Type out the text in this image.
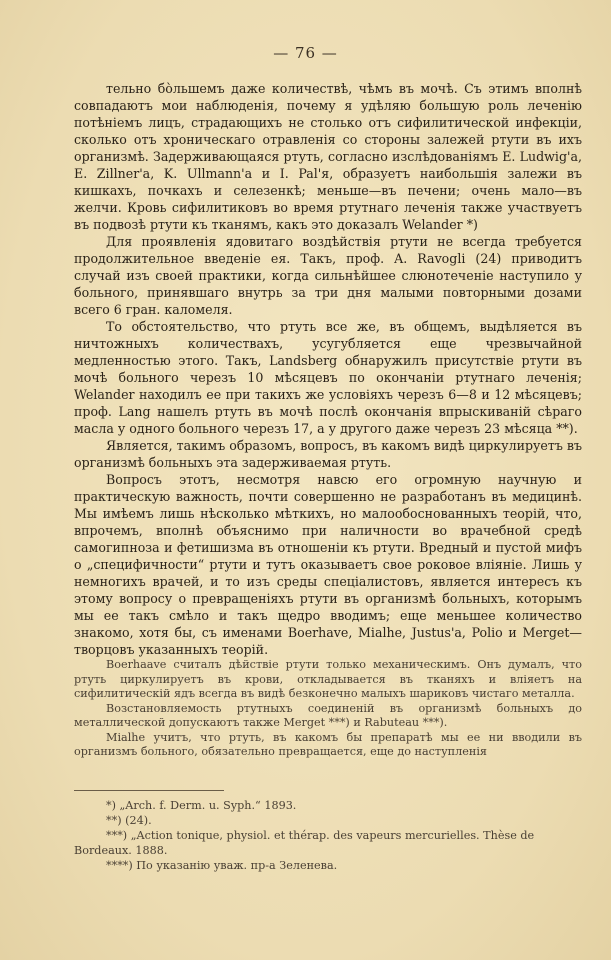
— 76 —

тельно бо̀льшемъ даже количествѣ, чѣмъ въ мочѣ. Съ этимъ вполнѣ совпадаютъ мои наблюденія, почему я удѣляю большую роль леченію потѣніемъ лицъ, страдающихъ не столько отъ сифилитической инфекціи, сколько отъ хроническаго отравленія со стороны залежей ртути въ ихъ организмѣ. Задерживающаяся ртуть, согласно изслѣдованіямъ E. Ludwig'a, E. Zillner'a, K. Ullmann'a и I. Pal'я, образуетъ наибольшія залежи въ кишкахъ, почкахъ и селезенкѣ; меньше—въ печени; очень мало—въ желчи. Кровь сифилитиковъ во время ртутнаго леченія также участвуетъ въ подвозѣ ртути къ тканямъ, какъ это доказалъ Welander *)

Для проявленія ядовитаго воздѣйствія ртути не всегда требуется продолжительное введеніе ея. Такъ, проф. A. Ravogli (24) приводитъ случай изъ своей практики, когда сильнѣйшее слюнотеченіе наступило у больного, принявшаго внутрь за три дня малыми повторными дозами всего 6 гран. каломеля.

То обстоятельство, что ртуть все же, въ общемъ, выдѣляется въ ничтожныхъ количествахъ, усугубляется еще чрезвычайной медленностью этого. Такъ, Landsberg обнаружилъ присутствіе ртути въ мочѣ больного черезъ 10 мѣсяцевъ по окончаніи ртутнаго леченія; Welander находилъ ее при такихъ же условіяхъ черезъ 6—8 и 12 мѣсяцевъ; проф. Lang нашелъ ртуть въ мочѣ послѣ окончанія впрыскиваній сѣраго масла у одного больного черезъ 17, а у другого даже черезъ 23 мѣсяца **).

Является, такимъ образомъ, вопросъ, въ какомъ видѣ циркулируетъ въ организмѣ больныхъ эта задерживаемая ртуть.

Вопросъ этотъ, несмотря навсю его огромную научную и практическую важность, почти совершенно не разработанъ въ медицинѣ. Мы имѣемъ лишь нѣсколько мѣткихъ, но малообоснованныхъ теорій, что, впрочемъ, вполнѣ объяснимо при наличности во врачебной средѣ самогипноза и фетишизма въ отношеніи къ ртути. Вредный и пустой мифъ о „специфичности“ ртути и тутъ оказываетъ свое роковое вліяніе. Лишь у немногихъ врачей, и то изъ среды спеціалистовъ, является интересъ къ этому вопросу о превращеніяхъ ртути въ организмѣ больныхъ, которымъ мы ее такъ смѣло и такъ щедро вводимъ; еще меньшее количество знакомо, хотя бы, съ именами Boerhave, Mialhe, Justus'a, Polio и Merget—творцовъ указанныхъ теорій.

Boerhaave считалъ дѣйствіе ртути только механическимъ. Онъ думалъ, что ртуть циркулируетъ въ крови, откладывается въ тканяхъ и вліяетъ на сифилитическій ядъ всегда въ видѣ безконечно малыхъ шариковъ чистаго металла.

Возстановляемость ртутныхъ соединеній въ организмѣ больныхъ до металлической допускаютъ также Merget ***) и Rabuteau ***).

Mialhe учитъ, что ртуть, въ какомъ бы препаратѣ мы ее ни вводили въ организмъ больного, обязательно превращается, еще до наступленія

*) „Arch. f. Derm. u. Syph.“ 1893.
**) (24).
***) „Action tonique, physiol. et thérap. des vapeurs mercurielles. Thèse de Bordeaux. 1888.
****) По указанію уваж. пр-а Зеленева.
